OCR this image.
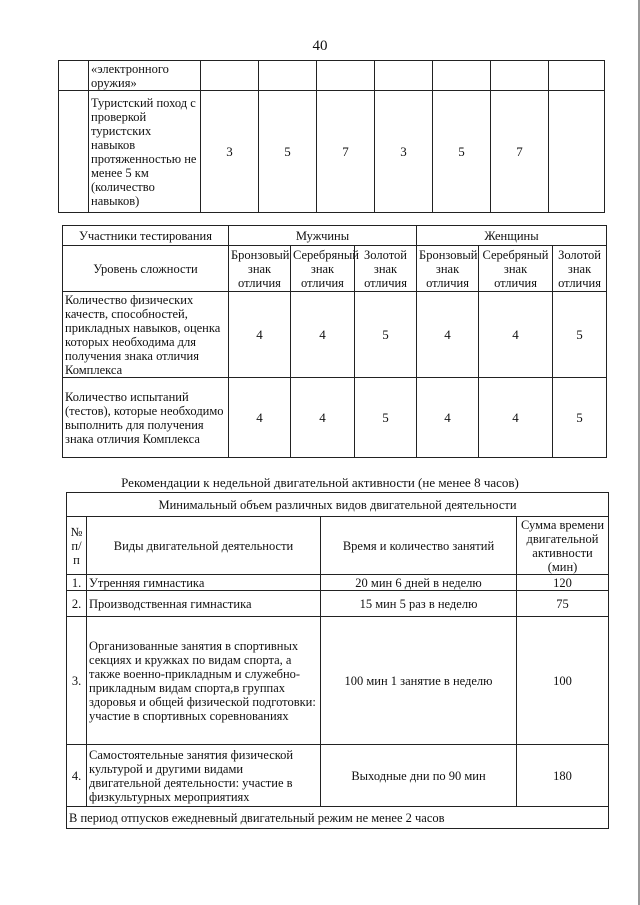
40
	«электронного оружия»							
	Туристский поход с проверкой туристских навыков протяженностью не менее 5 км (количество навыков)	3	5	7	3	5	7	
Участники тестирования	Мужчины			Женщины		
Уровень сложности	Бронзовый знак отличия	Серебряный знак отличия	Золотой знак отличия	Бронзовый знак отличия	Серебряный знак отличия	Золотой знак отличия
Количество физических качеств, способностей, прикладных навыков, оценка которых необходима для получения знака отличия Комплекса	4	4	5	4	4	5
Количество испытаний (тестов), которые необходимо выполнить для получения знака отличия Комплекса	4	4	5	4	4	5
Рекомендации к недельной двигательной активности (не менее 8 часов)
Минимальный объем различных видов двигательной деятельности			
№ п/п	Виды двигательной деятельности	Время и количество занятий	Сумма времени двигательной активности (мин)
1.	Утренняя гимнастика	20 мин 6 дней в неделю	120
2.	Производственная гимнастика	15 мин 5 раз в неделю	75
3.	Организованные занятия в спортивных секциях и кружках по видам спорта, а также военно-прикладным и служебно-прикладным видам спорта,в группах здоровья и общей физической подготовки: участие в спортивных соревнованиях	100 мин 1 занятие в неделю	100
4.	Самостоятельные занятия физической культурой и другими видами двигательной деятельности: участие в физкультурных мероприятиях	Выходные дни по 90 мин	180
В период отпусков ежедневный двигательный режим не менее 2 часов			
